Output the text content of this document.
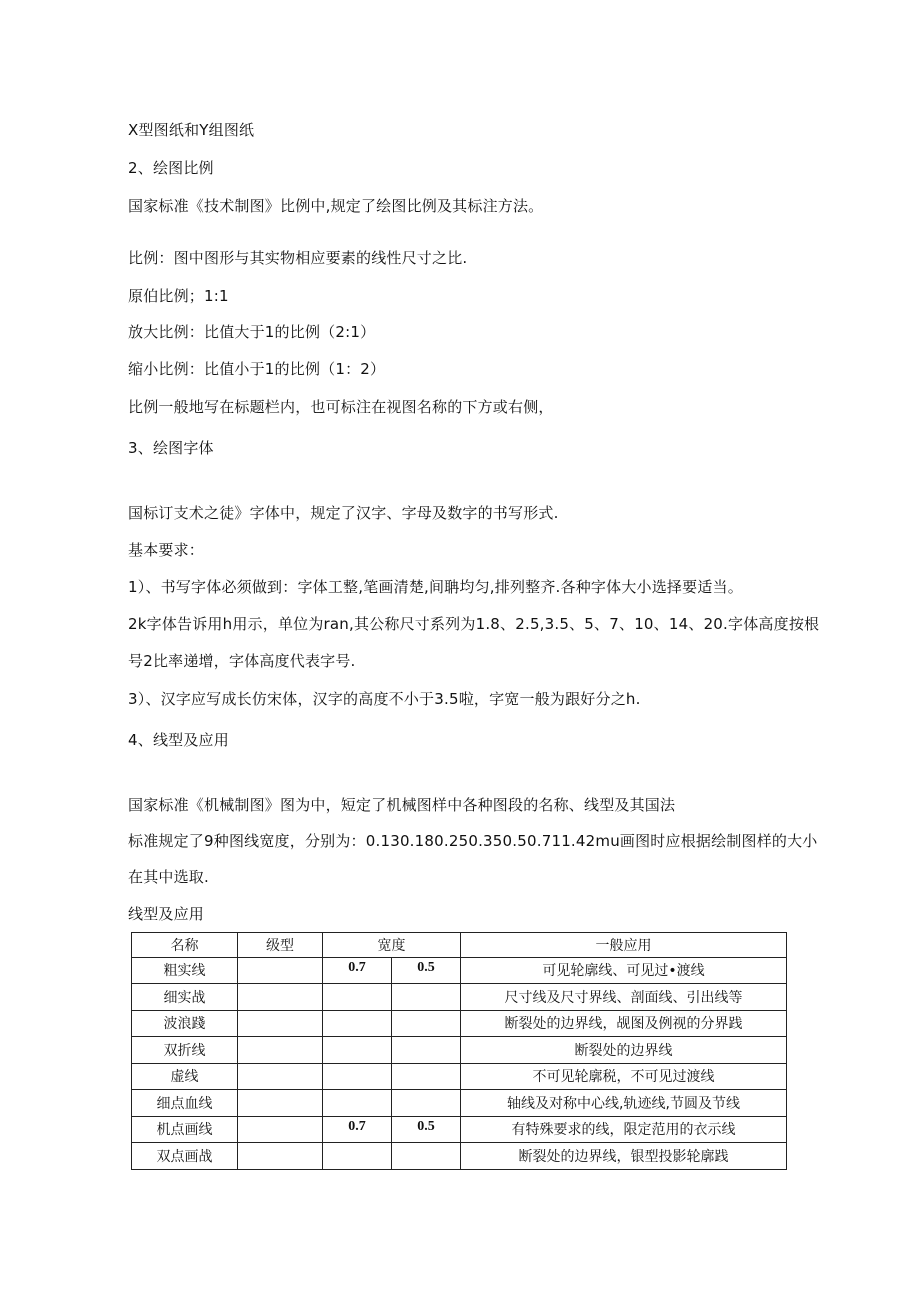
X型图纸和Y组图纸
2、绘图比例
国家标准《技术制图》比例中,规定了绘图比例及其标注方法。
比例：图中图形与其实物相应要素的线性尺寸之比.
原伯比例；1:1
放大比例：比值大于1的比例（2:1）
缩小比例：比值小于1的比例（1：2）
比例一般地写在标题栏内，也可标注在视图名称的下方或右侧，
3、绘图字体
国标订支术之徒》字体中，规定了汉字、字母及数字的书写形式.
基本要求：
1）、书写字体必须做到：字体工整,笔画清楚,间聃均匀,排列整齐.各种字体大小选择要适当。
2k字体告诉用h用示，单位为ran,其公称尺寸系列为1.8、2.5,3.5、5、7、10、14、20.字体高度按根
号2比率递增，字体高度代表字号.
3）、汉字应写成长仿宋体，汉字的高度不小于3.5啦，字宽一般为跟好分之h.
4、线型及应用
国家标准《机械制图》图为中，短定了机械图样中各种图段的名称、线型及其国法
标准规定了9种图线宽度，分别为：0.130.180.250.350.50.711.42mu画图时应根据绘制图样的大小
在其中选取.
线型及应用
名称	级型	宽度		一般应用
粗实线		0.7	0.5	可见轮廓线、可见过•渡线
细实战				尺寸线及尺寸界线、剖面线、引出线等
波浪踐				断裂处的边界线，觇图及例视的分界践
双折线				断裂处的边界线
虚线				不可见轮廓税，不可见过渡线
细点血线				轴线及对称中心线,轨迹线,节圆及节线
机点画线		0.7	0.5	有特殊要求的线，限定范用的衣示线
双点画战				断裂处的边界线，银型投影轮廓践
